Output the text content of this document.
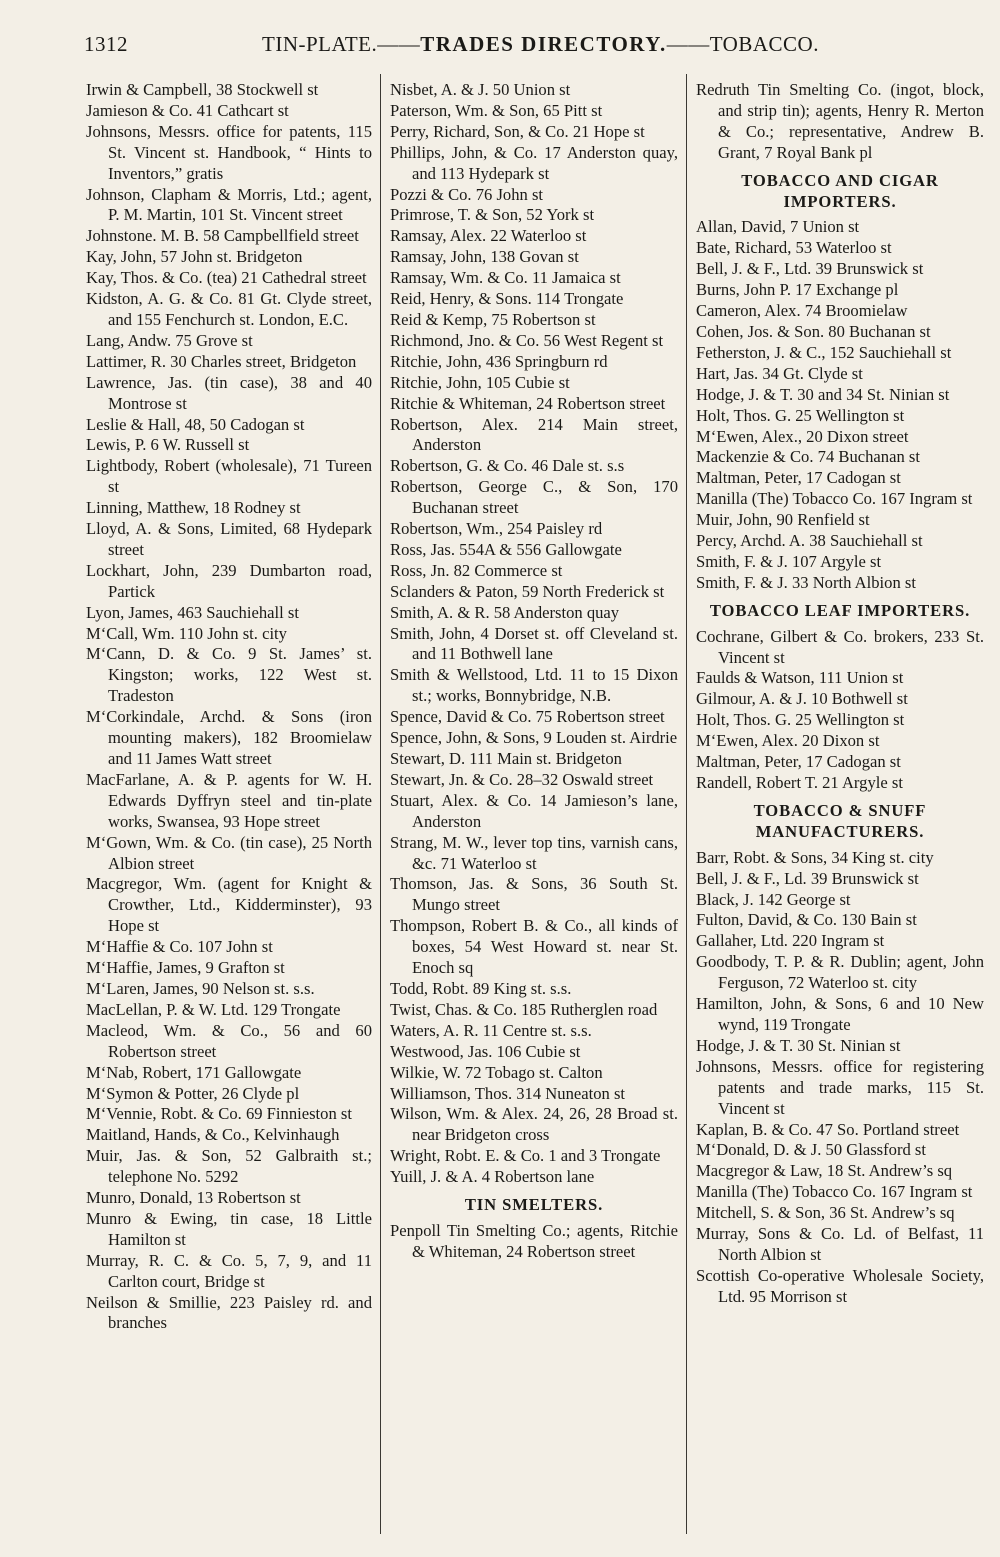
1312	TIN-PLATE.——TRADES DIRECTORY.——TOBACCO.

Irwin & Campbell, 38 Stockwell st

Jamieson & Co. 41 Cathcart st

Johnsons, Messrs. office for patents, 115 St. Vincent st. Handbook, “ Hints to Inventors,” gratis

Johnson, Clapham & Morris, Ltd.; agent, P. M. Martin, 101 St. Vincent street

Johnstone. M. B. 58 Campbellfield street

Kay, John, 57 John st. Bridgeton

Kay, Thos. & Co. (tea) 21 Cathedral street

Kidston, A. G. & Co. 81 Gt. Clyde street, and 155 Fenchurch st. London, E.C.

Lang, Andw. 75 Grove st

Lattimer, R. 30 Charles street, Bridgeton

Lawrence, Jas. (tin case), 38 and 40 Montrose st

Leslie & Hall, 48, 50 Cadogan st

Lewis, P. 6 W. Russell st

Lightbody, Robert (wholesale), 71 Tureen st

Linning, Matthew, 18 Rodney st

Lloyd, A. & Sons, Limited, 68 Hydepark street

Lockhart, John, 239 Dumbarton road, Partick

Lyon, James, 463 Sauchiehall st

M‘Call, Wm. 110 John st. city

M‘Cann, D. & Co. 9 St. James’ st. Kingston; works, 122 West st. Tradeston

M‘Corkindale, Archd. & Sons (iron mounting makers), 182 Broomielaw and 11 James Watt street

MacFarlane, A. & P. agents for W. H. Edwards Dyffryn steel and tin-plate works, Swansea, 93 Hope street

M‘Gown, Wm. & Co. (tin case), 25 North Albion street

Macgregor, Wm. (agent for Knight & Crowther, Ltd., Kidderminster), 93 Hope st

M‘Haffie & Co. 107 John st

M‘Haffie, James, 9 Grafton st

M‘Laren, James, 90 Nelson st. s.s.

MacLellan, P. & W. Ltd. 129 Trongate

Macleod, Wm. & Co., 56 and 60 Robertson street

M‘Nab, Robert, 171 Gallowgate

M‘Symon & Potter, 26 Clyde pl

M‘Vennie, Robt. & Co. 69 Finnieston st

Maitland, Hands, & Co., Kelvinhaugh

Muir, Jas. & Son, 52 Galbraith st.; telephone No. 5292

Munro, Donald, 13 Robertson st

Munro & Ewing, tin case, 18 Little Hamilton st

Murray, R. C. & Co. 5, 7, 9, and 11 Carlton court, Bridge st

Neilson & Smillie, 223 Paisley rd. and branches

Nisbet, A. & J. 50 Union st

Paterson, Wm. & Son, 65 Pitt st

Perry, Richard, Son, & Co. 21 Hope st

Phillips, John, & Co. 17 Anderston quay, and 113 Hydepark st

Pozzi & Co. 76 John st

Primrose, T. & Son, 52 York st

Ramsay, Alex. 22 Waterloo st

Ramsay, John, 138 Govan st

Ramsay, Wm. & Co. 11 Jamaica st

Reid, Henry, & Sons. 114 Trongate

Reid & Kemp, 75 Robertson st

Richmond, Jno. & Co. 56 West Regent st

Ritchie, John, 436 Springburn rd

Ritchie, John, 105 Cubie st

Ritchie & Whiteman, 24 Robertson street

Robertson, Alex. 214 Main street, Anderston

Robertson, G. & Co. 46 Dale st. s.s

Robertson, George C., & Son, 170 Buchanan street

Robertson, Wm., 254 Paisley rd

Ross, Jas. 554A & 556 Gallowgate

Ross, Jn. 82 Commerce st

Sclanders & Paton, 59 North Frederick st

Smith, A. & R. 58 Anderston quay

Smith, John, 4 Dorset st. off Cleveland st. and 11 Bothwell lane

Smith & Wellstood, Ltd. 11 to 15 Dixon st.; works, Bonnybridge, N.B.

Spence, David & Co. 75 Robertson street

Spence, John, & Sons, 9 Louden st. Airdrie

Stewart, D. 111 Main st. Bridgeton

Stewart, Jn. & Co. 28–32 Oswald street

Stuart, Alex. & Co. 14 Jamieson’s lane, Anderston

Strang, M. W., lever top tins, varnish cans, &c. 71 Waterloo st

Thomson, Jas. & Sons, 36 South St. Mungo street

Thompson, Robert B. & Co., all kinds of boxes, 54 West Howard st. near St. Enoch sq

Todd, Robt. 89 King st. s.s.

Twist, Chas. & Co. 185 Rutherglen road

Waters, A. R. 11 Centre st. s.s.

Westwood, Jas. 106 Cubie st

Wilkie, W. 72 Tobago st. Calton

Williamson, Thos. 314 Nuneaton st

Wilson, Wm. & Alex. 24, 26, 28 Broad st. near Bridgeton cross

Wright, Robt. E. & Co. 1 and 3 Trongate

Yuill, J. & A. 4 Robertson lane

TIN SMELTERS.

Penpoll Tin Smelting Co.; agents, Ritchie & Whiteman, 24 Robertson street

Redruth Tin Smelting Co. (ingot, block, and strip tin); agents, Henry R. Merton & Co.; representative, Andrew B. Grant, 7 Royal Bank pl

TOBACCO AND CIGAR IMPORTERS.

Allan, David, 7 Union st

Bate, Richard, 53 Waterloo st

Bell, J. & F., Ltd. 39 Brunswick st

Burns, John P. 17 Exchange pl

Cameron, Alex. 74 Broomielaw

Cohen, Jos. & Son. 80 Buchanan st

Fetherston, J. & C., 152 Sauchiehall st

Hart, Jas. 34 Gt. Clyde st

Hodge, J. & T. 30 and 34 St. Ninian st

Holt, Thos. G. 25 Wellington st

M‘Ewen, Alex., 20 Dixon street

Mackenzie & Co. 74 Buchanan st

Maltman, Peter, 17 Cadogan st

Manilla (The) Tobacco Co. 167 Ingram st

Muir, John, 90 Renfield st

Percy, Archd. A. 38 Sauchiehall st

Smith, F. & J. 107 Argyle st

Smith, F. & J. 33 North Albion st

TOBACCO LEAF IMPORTERS.

Cochrane, Gilbert & Co. brokers, 233 St. Vincent st

Faulds & Watson, 111 Union st

Gilmour, A. & J. 10 Bothwell st

Holt, Thos. G. 25 Wellington st

M‘Ewen, Alex. 20 Dixon st

Maltman, Peter, 17 Cadogan st

Randell, Robert T. 21 Argyle st

TOBACCO & SNUFF MANUFACTURERS.

Barr, Robt. & Sons, 34 King st. city

Bell, J. & F., Ld. 39 Brunswick st

Black, J. 142 George st

Fulton, David, & Co. 130 Bain st

Gallaher, Ltd. 220 Ingram st

Goodbody, T. P. & R. Dublin; agent, John Ferguson, 72 Waterloo st. city

Hamilton, John, & Sons, 6 and 10 New wynd, 119 Trongate

Hodge, J. & T. 30 St. Ninian st

Johnsons, Messrs. office for registering patents and trade marks, 115 St. Vincent st

Kaplan, B. & Co. 47 So. Portland street

M‘Donald, D. & J. 50 Glassford st

Macgregor & Law, 18 St. Andrew’s sq

Manilla (The) Tobacco Co. 167 Ingram st

Mitchell, S. & Son, 36 St. Andrew’s sq

Murray, Sons & Co. Ld. of Belfast, 11 North Albion st

Scottish Co-operative Wholesale Society, Ltd. 95 Morrison st
